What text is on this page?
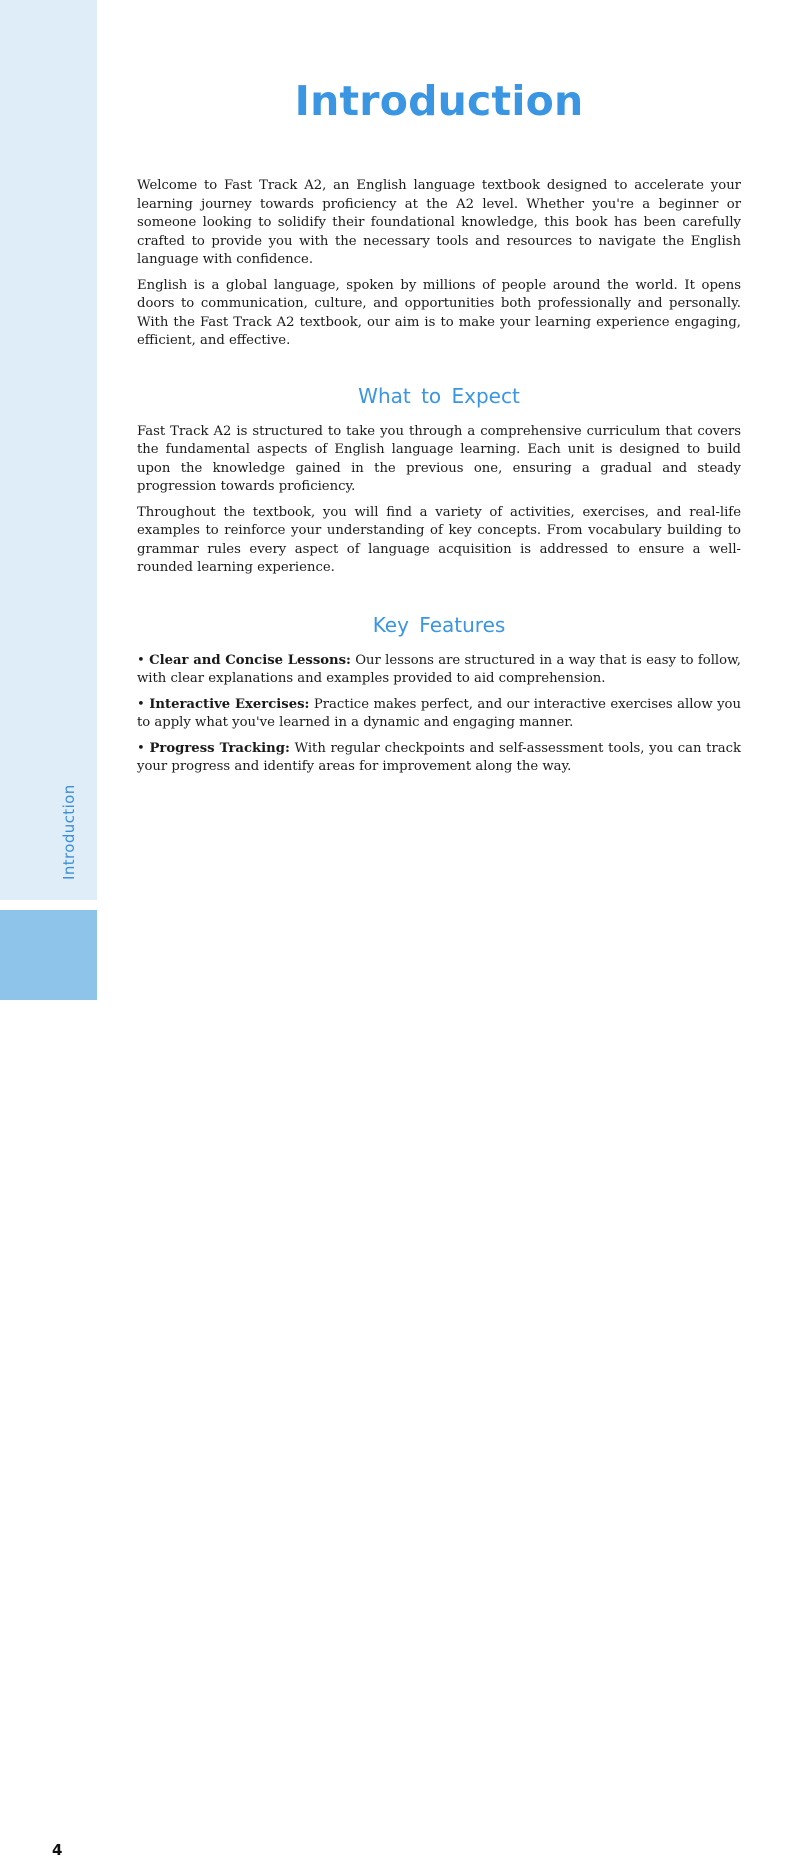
Introduction
4
Introduction

Welcome to Fast Track A2, an English language textbook designed to accelerate your learning journey towards proficiency at the A2 level. Whether you're a beginner or someone looking to solidify their foundational knowledge, this book has been carefully crafted to provide you with the necessary tools and resources to navigate the English language with confidence.

English is a global language, spoken by millions of people around the world. It opens doors to communication, culture, and opportunities both professionally and personally. With the Fast Track A2 textbook, our aim is to make your learning experience engaging, efficient, and effective.

What to Expect

Fast Track A2 is structured to take you through a comprehensive curriculum that covers the fundamental aspects of English language learning. Each unit is designed to build upon the knowledge gained in the previous one, ensuring a gradual and steady progression towards proficiency.

Throughout the textbook, you will find a variety of activities, exercises, and real-life examples to reinforce your understanding of key concepts. From vocabulary building to grammar rules every aspect of language acquisition is addressed to ensure a well-rounded learning experience.

Key Features

• Clear and Concise Lessons: Our lessons are structured in a way that is easy to follow, with clear explanations and examples provided to aid comprehension.

• Interactive Exercises: Practice makes perfect, and our interactive exercises allow you to apply what you've learned in a dynamic and engaging manner.

• Progress Tracking: With regular checkpoints and self-assessment tools, you can track your progress and identify areas for improvement along the way.
